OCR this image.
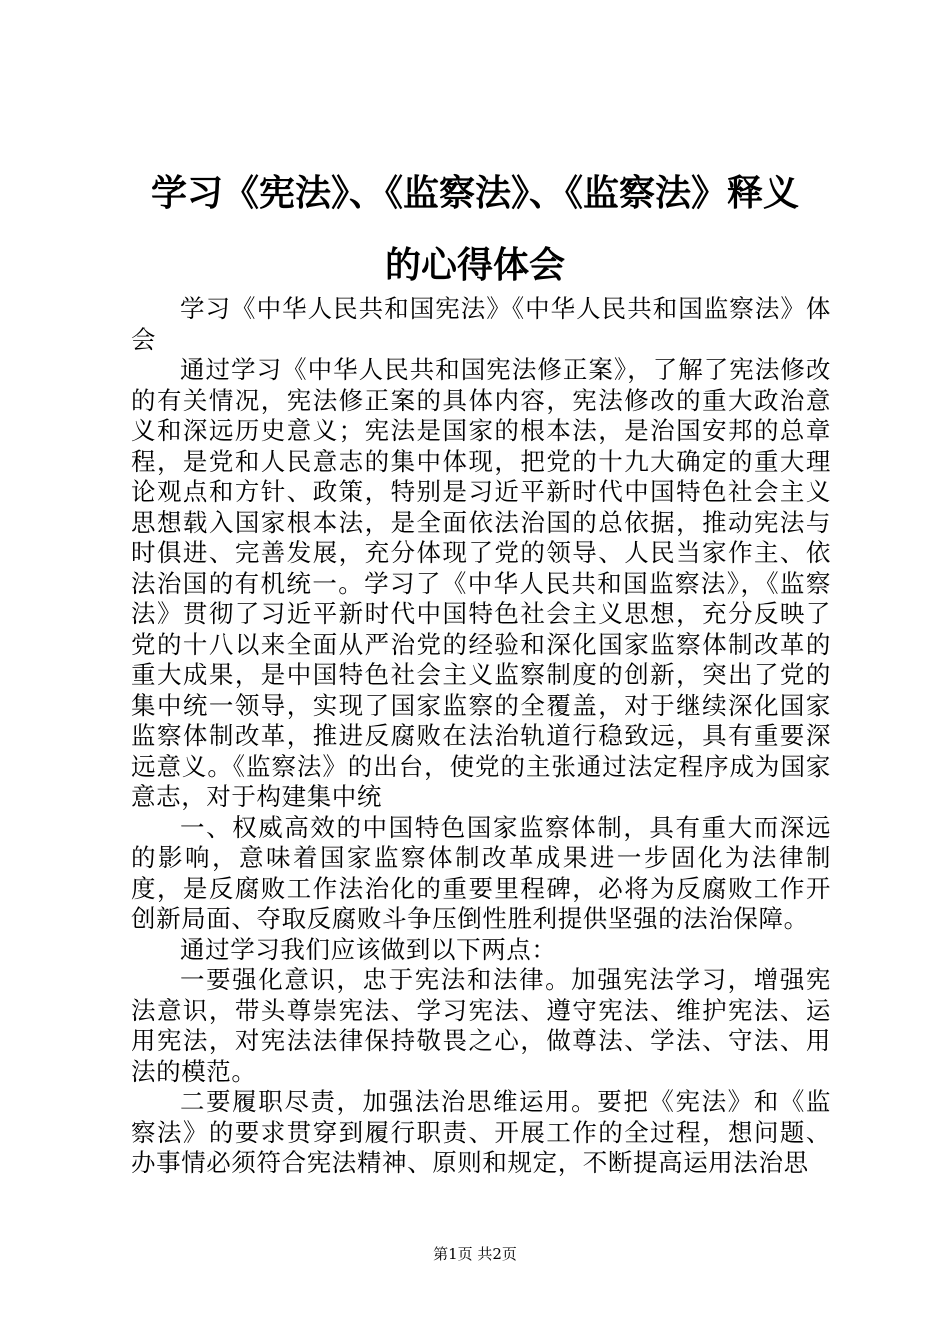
学习《宪法》、《监察法》、《监察法》释义
的心得体会

学习《中华人民共和国宪法》《中华人民共和国监察法》体会

通过学习《中华人民共和国宪法修正案》，了解了宪法修改的有关情况，宪法修正案的具体内容，宪法修改的重大政治意义和深远历史意义；宪法是国家的根本法，是治国安邦的总章程，是党和人民意志的集中体现，把党的十九大确定的重大理论观点和方针、政策，特别是习近平新时代中国特色社会主义思想载入国家根本法，是全面依法治国的总依据，推动宪法与时俱进、完善发展，充分体现了党的领导、人民当家作主、依法治国的有机统一。学习了《中华人民共和国监察法》，《监察法》贯彻了习近平新时代中国特色社会主义思想，充分反映了党的十八以来全面从严治党的经验和深化国家监察体制改革的重大成果，是中国特色社会主义监察制度的创新，突出了党的集中统一领导，实现了国家监察的全覆盖，对于继续深化国家监察体制改革，推进反腐败在法治轨道行稳致远，具有重要深远意义。《监察法》的出台，使党的主张通过法定程序成为国家意志，对于构建集中统

一、权威高效的中国特色国家监察体制，具有重大而深远的影响，意味着国家监察体制改革成果进一步固化为法律制度，是反腐败工作法治化的重要里程碑，必将为反腐败工作开创新局面、夺取反腐败斗争压倒性胜利提供坚强的法治保障。

通过学习我们应该做到以下两点：

一要强化意识，忠于宪法和法律。加强宪法学习，增强宪法意识，带头尊崇宪法、学习宪法、遵守宪法、维护宪法、运用宪法，对宪法法律保持敬畏之心，做尊法、学法、守法、用法的模范。

二要履职尽责，加强法治思维运用。要把《宪法》和《监察法》的要求贯穿到履行职责、开展工作的全过程，想问题、办事情必须符合宪法精神、原则和规定，不断提高运用法治思

第1页 共2页
